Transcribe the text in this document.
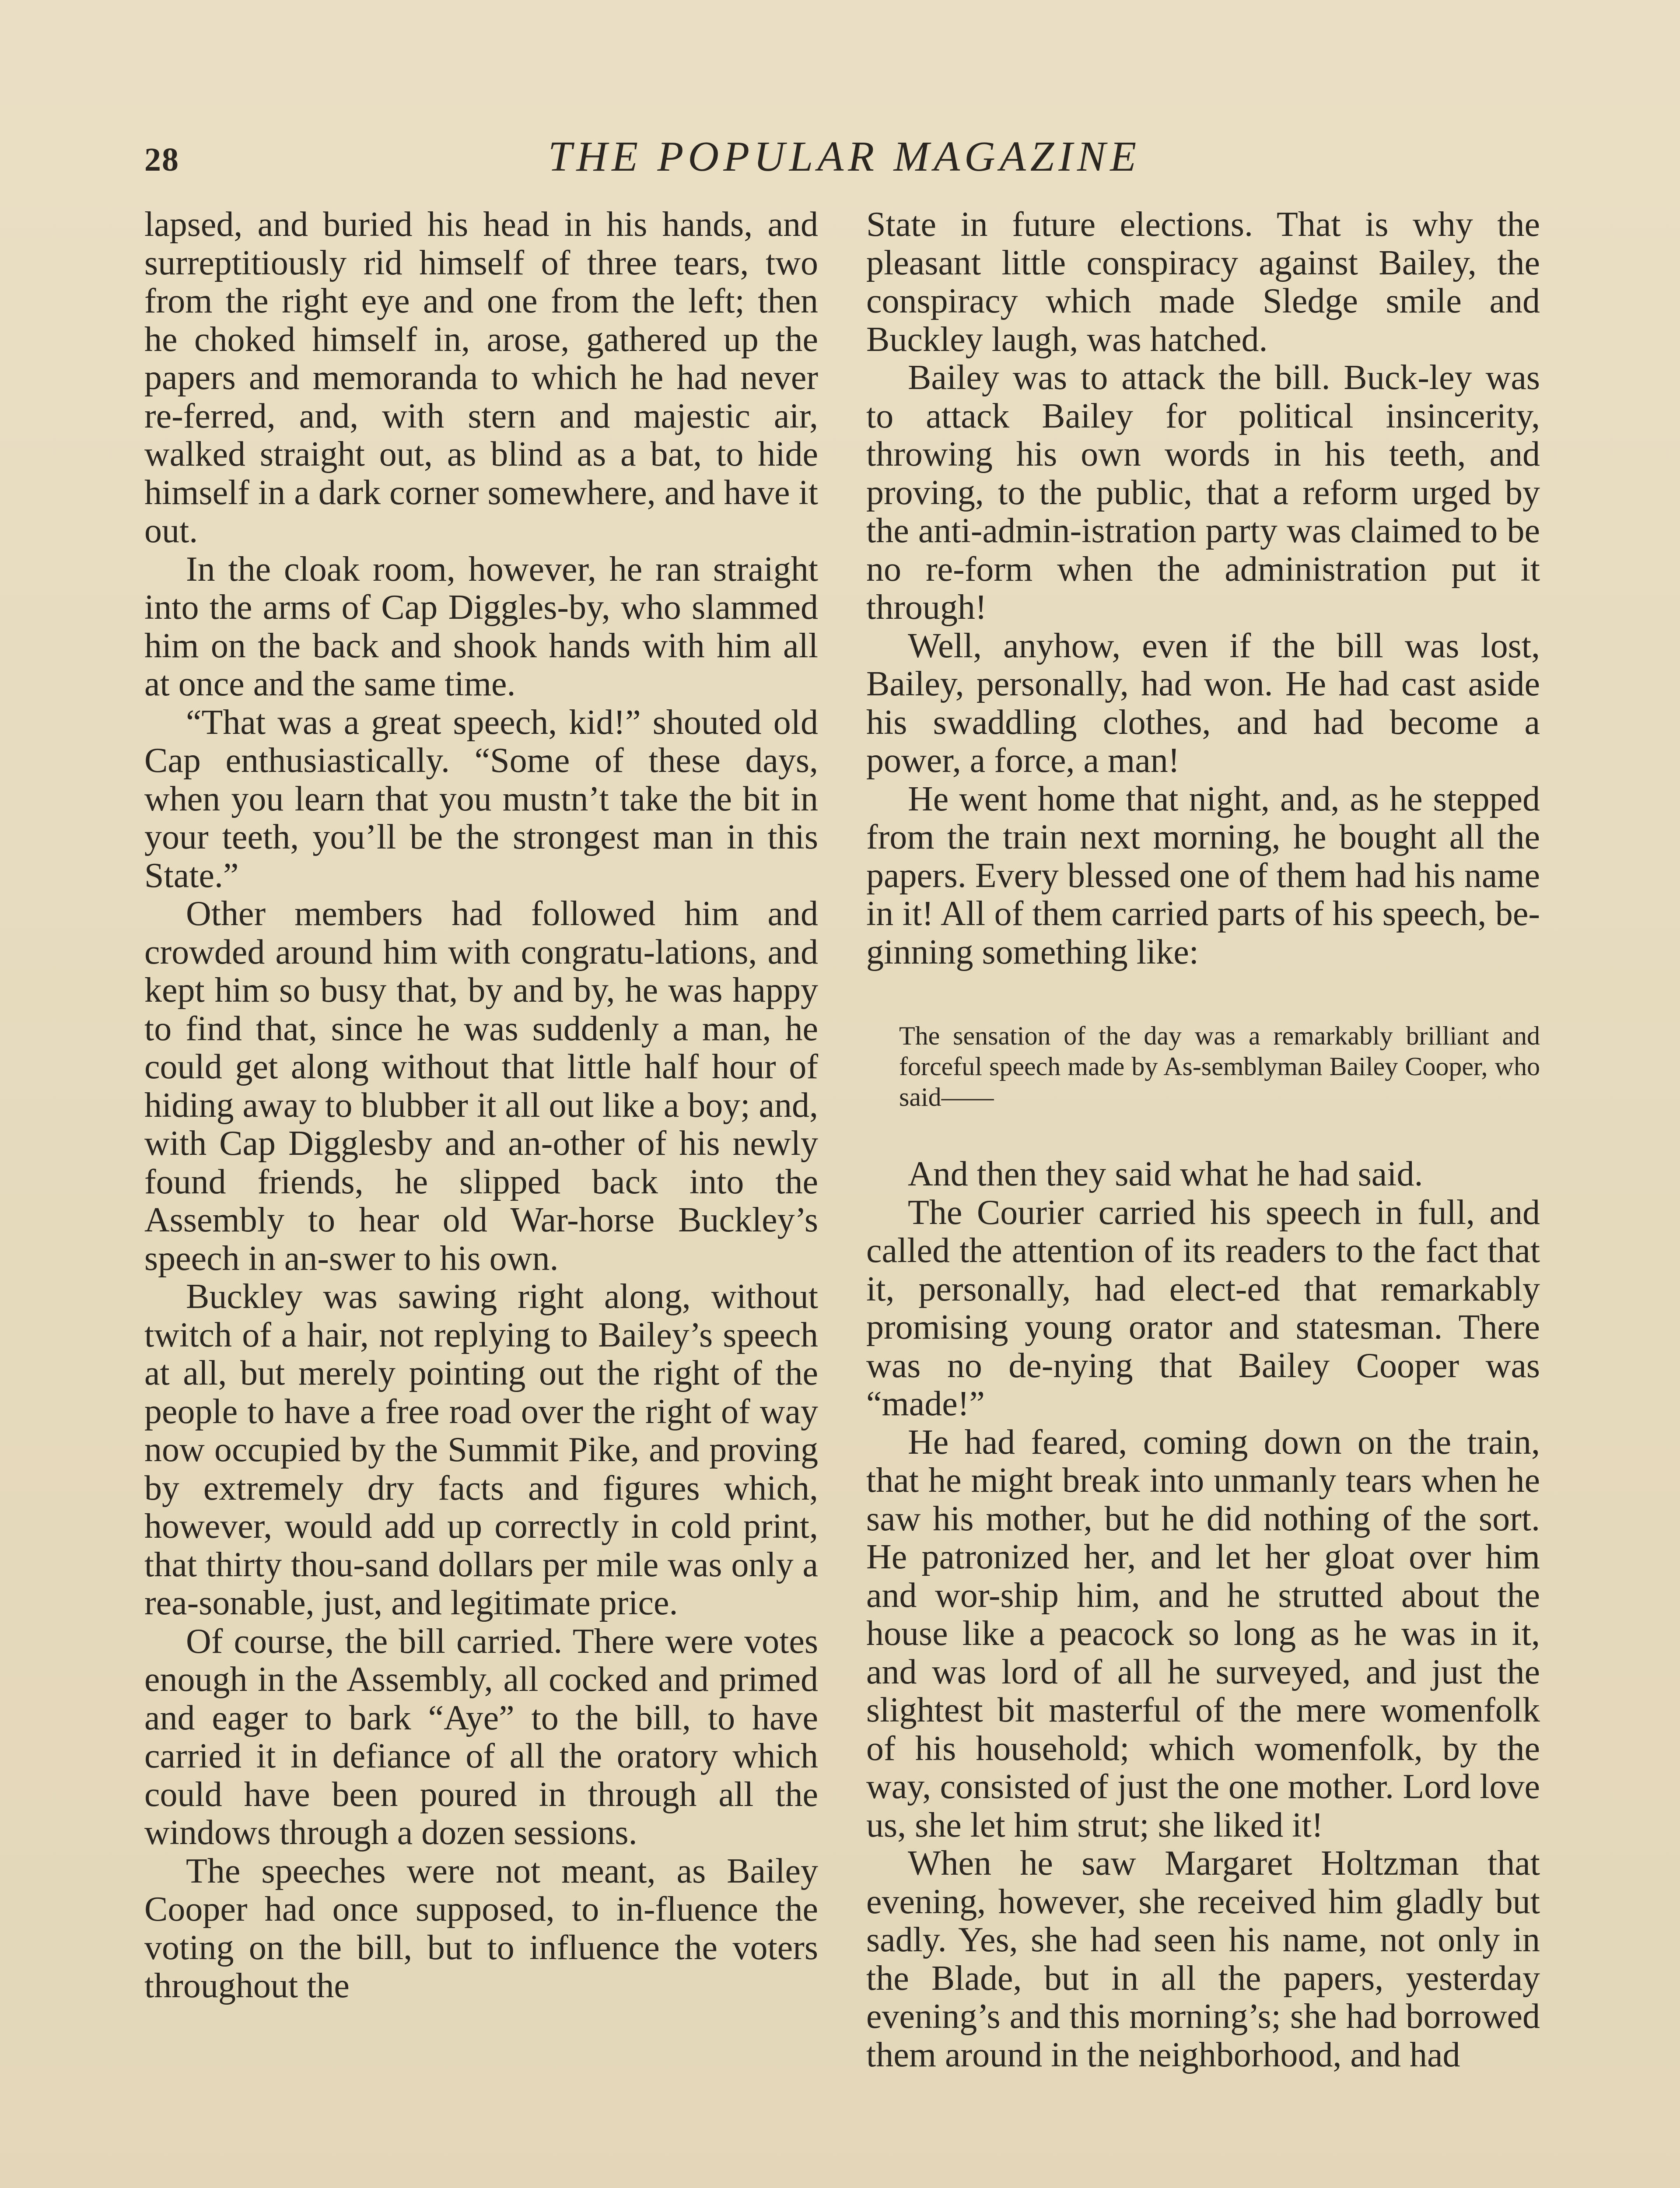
28	THE POPULAR MAGAZINE

lapsed, and buried his head in his hands, and surreptitiously rid himself of three tears, two from the right eye and one from the left; then he choked himself in, arose, gathered up the papers and memoranda to which he had never re-ferred, and, with stern and majestic air, walked straight out, as blind as a bat, to hide himself in a dark corner somewhere, and have it out.

In the cloak room, however, he ran straight into the arms of Cap Diggles-by, who slammed him on the back and shook hands with him all at once and the same time.

“That was a great speech, kid!” shouted old Cap enthusiastically. “Some of these days, when you learn that you mustn’t take the bit in your teeth, you’ll be the strongest man in this State.”

Other members had followed him and crowded around him with congratu-lations, and kept him so busy that, by and by, he was happy to find that, since he was suddenly a man, he could get along without that little half hour of hiding away to blubber it all out like a boy; and, with Cap Digglesby and an-other of his newly found friends, he slipped back into the Assembly to hear old War-horse Buckley’s speech in an-swer to his own.

Buckley was sawing right along, without twitch of a hair, not replying to Bailey’s speech at all, but merely pointing out the right of the people to have a free road over the right of way now occupied by the Summit Pike, and proving by extremely dry facts and figures which, however, would add up correctly in cold print, that thirty thou-sand dollars per mile was only a rea-sonable, just, and legitimate price.

Of course, the bill carried. There were votes enough in the Assembly, all cocked and primed and eager to bark “Aye” to the bill, to have carried it in defiance of all the oratory which could have been poured in through all the windows through a dozen sessions.

The speeches were not meant, as Bailey Cooper had once supposed, to in-fluence the voting on the bill, but to influence the voters throughout the

State in future elections. That is why the pleasant little conspiracy against Bailey, the conspiracy which made Sledge smile and Buckley laugh, was hatched.

Bailey was to attack the bill. Buck-ley was to attack Bailey for political insincerity, throwing his own words in his teeth, and proving, to the public, that a reform urged by the anti-admin-istration party was claimed to be no re-form when the administration put it through!

Well, anyhow, even if the bill was lost, Bailey, personally, had won. He had cast aside his swaddling clothes, and had become a power, a force, a man!

He went home that night, and, as he stepped from the train next morning, he bought all the papers. Every blessed one of them had his name in it! All of them carried parts of his speech, be-ginning something like:

The sensation of the day was a remarkably brilliant and forceful speech made by As-semblyman Bailey Cooper, who said——

And then they said what he had said.

The Courier carried his speech in full, and called the attention of its readers to the fact that it, personally, had elect-ed that remarkably promising young orator and statesman. There was no de-nying that Bailey Cooper was “made!”

He had feared, coming down on the train, that he might break into unmanly tears when he saw his mother, but he did nothing of the sort. He patronized her, and let her gloat over him and wor-ship him, and he strutted about the house like a peacock so long as he was in it, and was lord of all he surveyed, and just the slightest bit masterful of the mere womenfolk of his household; which womenfolk, by the way, consisted of just the one mother. Lord love us, she let him strut; she liked it!

When he saw Margaret Holtzman that evening, however, she received him gladly but sadly. Yes, she had seen his name, not only in the Blade, but in all the papers, yesterday evening’s and this morning’s; she had borrowed them around in the neighborhood, and had
